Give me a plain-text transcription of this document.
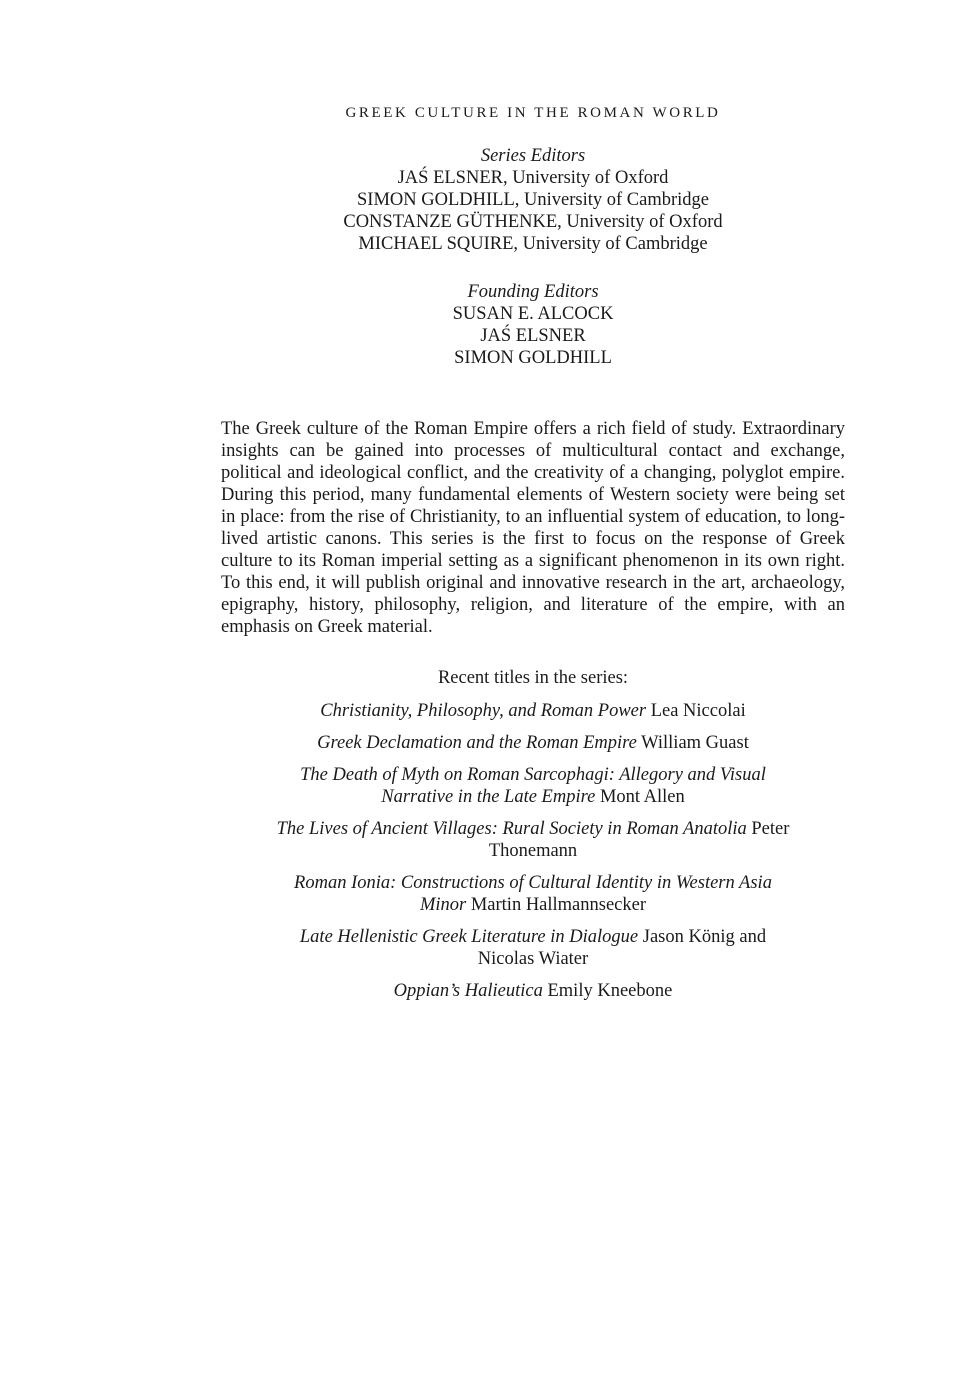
GREEK CULTURE IN THE ROMAN WORLD
Series Editors
JAŚ ELSNER, University of Oxford
SIMON GOLDHILL, University of Cambridge
CONSTANZE GÜTHENKE, University of Oxford
MICHAEL SQUIRE, University of Cambridge
Founding Editors
SUSAN E. ALCOCK
JAŚ ELSNER
SIMON GOLDHILL
The Greek culture of the Roman Empire offers a rich field of study. Extraordinary insights can be gained into processes of multicultural contact and exchange, political and ideological conflict, and the creativity of a changing, polyglot empire. During this period, many fundamental elements of Western society were being set in place: from the rise of Christianity, to an influential system of education, to long-lived artistic canons. This series is the first to focus on the response of Greek culture to its Roman imperial setting as a significant phenomenon in its own right. To this end, it will publish original and innovative research in the art, archaeology, epigraphy, history, philosophy, religion, and literature of the empire, with an emphasis on Greek material.
Recent titles in the series:
Christianity, Philosophy, and Roman Power Lea Niccolai
Greek Declamation and the Roman Empire William Guast
The Death of Myth on Roman Sarcophagi: Allegory and Visual Narrative in the Late Empire Mont Allen
The Lives of Ancient Villages: Rural Society in Roman Anatolia Peter Thonemann
Roman Ionia: Constructions of Cultural Identity in Western Asia Minor Martin Hallmannsecker
Late Hellenistic Greek Literature in Dialogue Jason König and Nicolas Wiater
Oppian’s Halieutica Emily Kneebone
